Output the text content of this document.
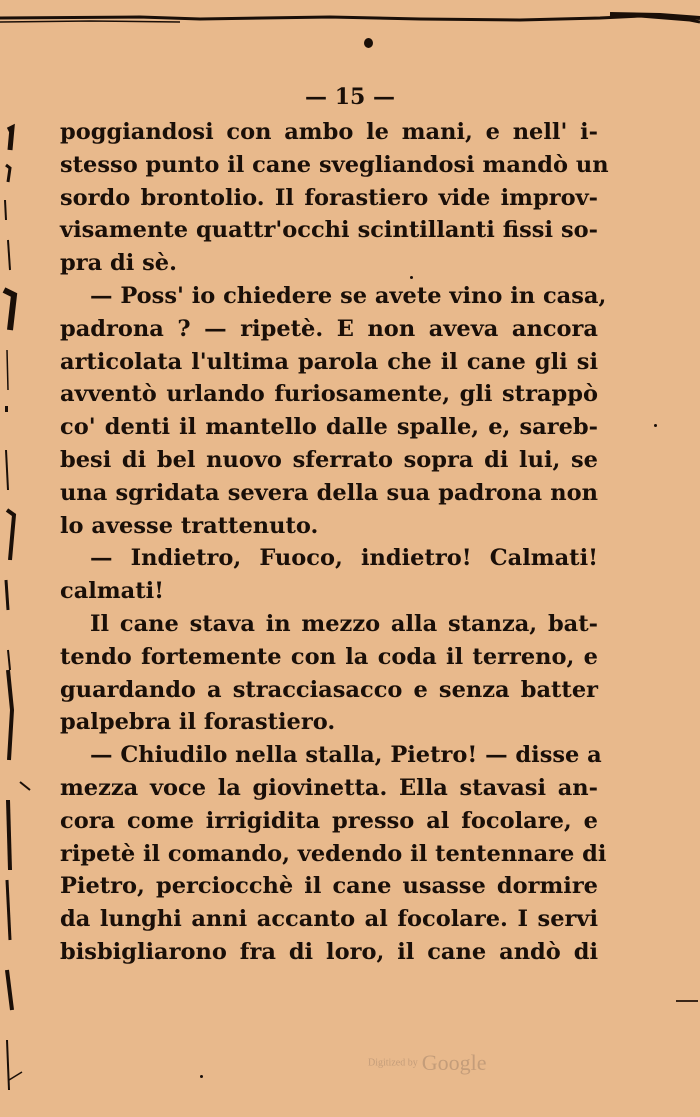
— 15 —
poggiandosi con ambo le mani, e nell' i-
stesso punto il cane svegliandosi mandò un
sordo brontolio. Il forastiero vide improv-
visamente quattr'occhi scintillanti fissi so-
pra di sè.
— Poss' io chiedere se avete vino in casa,
padrona ? — ripetè. E non aveva ancora
articolata l'ultima parola che il cane gli si
avventò urlando furiosamente, gli strappò
co' denti il mantello dalle spalle, e, sareb-
besi di bel nuovo sferrato sopra di lui, se
una sgridata severa della sua padrona non
lo avesse trattenuto.
— Indietro, Fuoco, indietro! Calmati!
calmati!
Il cane stava in mezzo alla stanza, bat-
tendo fortemente con la coda il terreno, e
guardando a stracciasacco e senza batter
palpebra il forastiero.
— Chiudilo nella stalla, Pietro! — disse a
mezza voce la giovinetta. Ella stavasi an-
cora come irrigidita presso al focolare, e
ripetè il comando, vedendo il tentennare di
Pietro, perciocchè il cane usasse dormire
da lunghi anni accanto al focolare. I servi
bisbigliarono fra di loro, il cane andò di
Digitized by Google
